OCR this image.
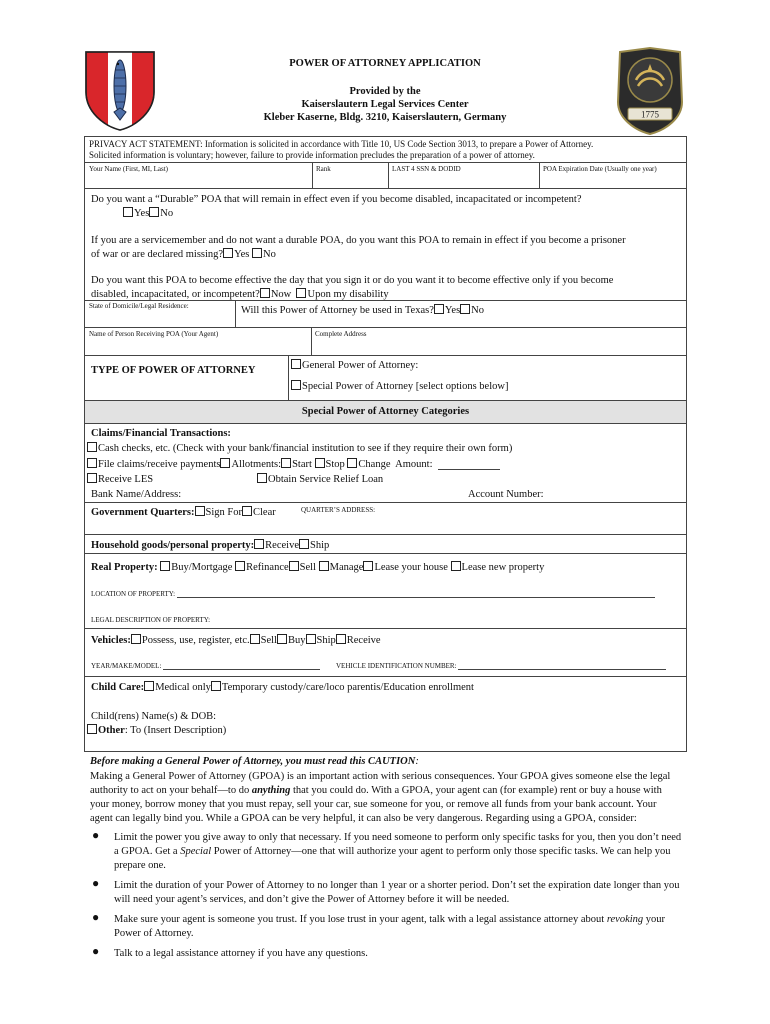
1775
POWER OF ATTORNEY APPLICATION
Provided by the
Kaiserslautern Legal Services Center
Kleber Kaserne, Bldg. 3210, Kaiserslautern, Germany
PRIVACY ACT STATEMENT: Information is solicited in accordance with Title 10, US Code Section 3013, to prepare a Power of Attorney.
Solicited information is voluntary; however, failure to provide information precludes the preparation of a power of attorney.
Your Name (First, MI, Last)	Rank	LAST 4 SSN & DODID	POA Expiration Date (Usually one year)
Do you want a “Durable” POA that will remain in effect even if you become disabled, incapacitated or incompetent?
Yes No
If you are a servicemember and do not want a durable POA, do you want this POA to remain in effect if you become a prisoner
of war or are declared missing? Yes No
Do you want this POA to become effective the day that you sign it or do you want it to become effective only if you become
disabled, incapacitated, or incompetent? Now Upon my disability
State of Domicile/Legal Residence:	Will this Power of Attorney be used in Texas? Yes No
Name of Person Receiving POA (Your Agent)	Complete Address
TYPE OF POWER OF ATTORNEY	General Power of Attorney:
Special Power of Attorney [select options below]
Special Power of Attorney Categories
Claims/Financial Transactions:
Cash checks, etc. (Check with your bank/financial institution to see if they require their own form)
File claims/receive payments Allotments: Start Stop Change Amount:
Receive LES	Obtain Service Relief Loan
Bank Name/Address:	Account Number:
Government Quarters: Sign For Clear	QUARTER’S ADDRESS:
Household goods/personal property: Receive Ship
Real Property: Buy/Mortgage Refinance Sell Manage Lease your house Lease new property
LOCATION OF PROPERTY:
LEGAL DESCRIPTION OF PROPERTY:
Vehicles: Possess, use, register, etc. Sell Buy Ship Receive
YEAR/MAKE/MODEL:	VEHICLE IDENTIFICATION NUMBER:
Child Care: Medical only Temporary custody/care/loco parentis/Education enrollment
Child(rens) Name(s) & DOB:
Other: To (Insert Description)
Before making a General Power of Attorney, you must read this CAUTION:
Making a General Power of Attorney (GPOA) is an important action with serious consequences. Your GPOA gives someone else the legal
authority to act on your behalf—to do anything that you could do. With a GPOA, your agent can (for example) rent or buy a house with
your money, borrow money that you must repay, sell your car, sue someone for you, or remove all funds from your bank account. Your
agent can legally bind you. While a GPOA can be very helpful, it can also be very dangerous. Regarding using a GPOA, consider:
● Limit the power you give away to only that necessary. If you need someone to perform only specific tasks for you, then you don’t need
a GPOA. Get a Special Power of Attorney—one that will authorize your agent to perform only those specific tasks. We can help you
prepare one.
● Limit the duration of your Power of Attorney to no longer than 1 year or a shorter period. Don’t set the expiration date longer than you
will need your agent’s services, and don’t give the Power of Attorney before it will be needed.
● Make sure your agent is someone you trust. If you lose trust in your agent, talk with a legal assistance attorney about revoking your
Power of Attorney.
● Talk to a legal assistance attorney if you have any questions.
